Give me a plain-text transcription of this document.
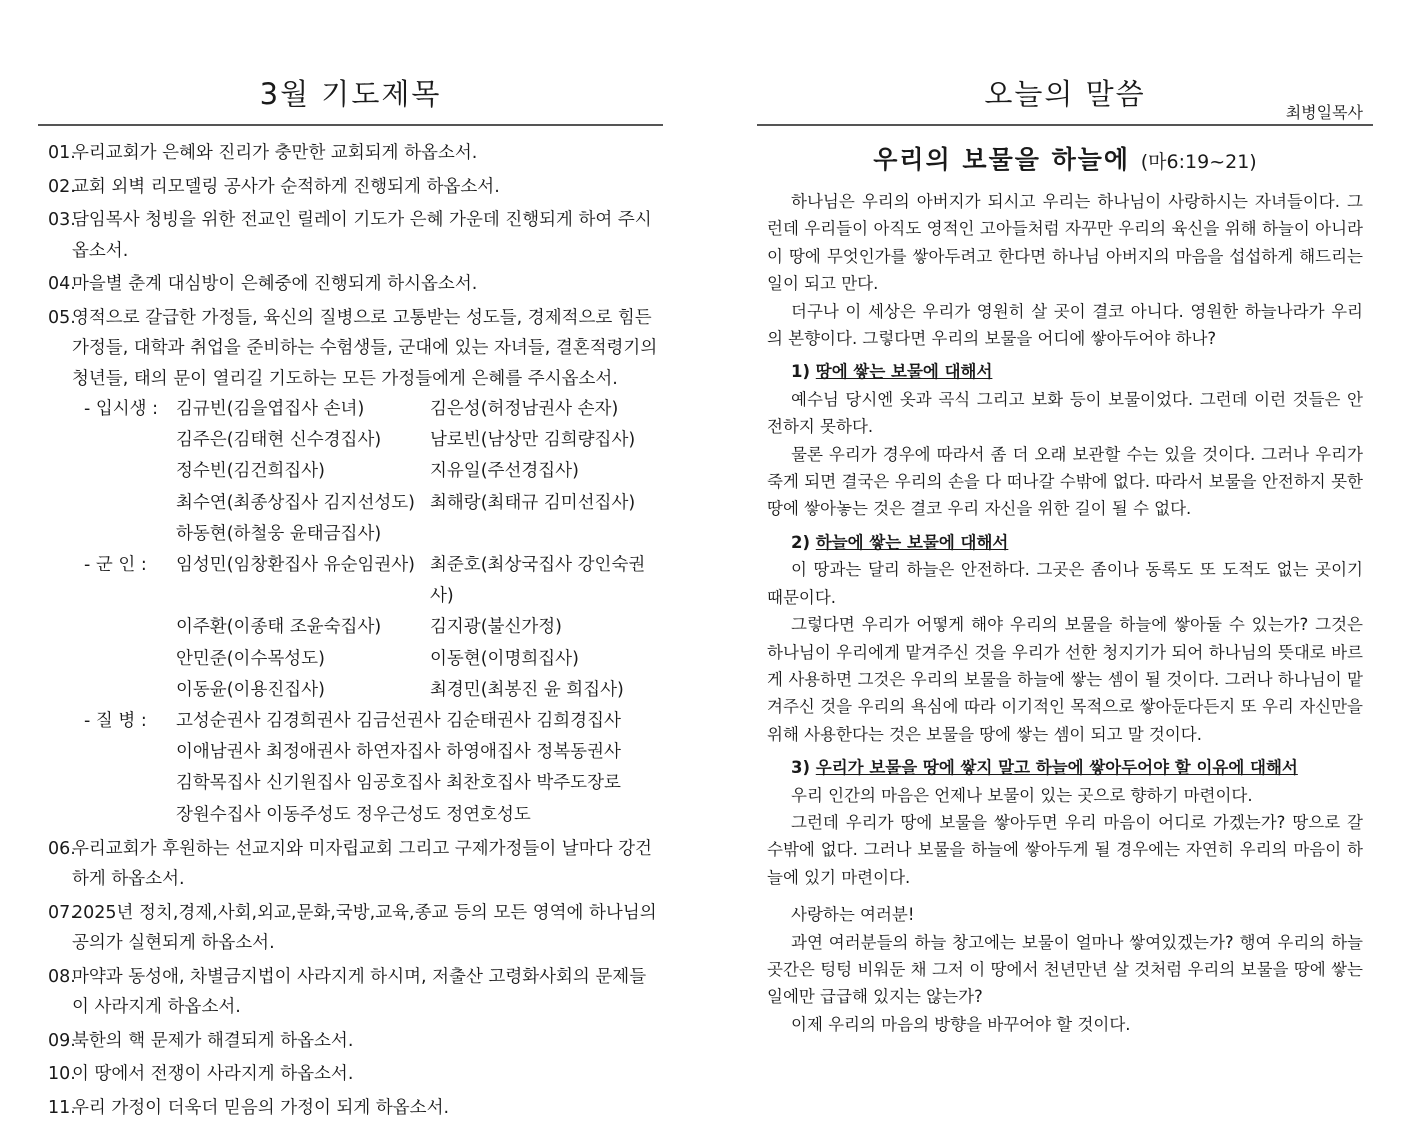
3월 기도제목
01.우리교회가 은혜와 진리가 충만한 교회되게 하옵소서.
02.교회 외벽 리모델링 공사가 순적하게 진행되게 하옵소서.
03.담임목사 청빙을 위한 전교인 릴레이 기도가 은혜 가운데 진행되게 하여 주시옵소서.
04.마을별 춘계 대심방이 은혜중에 진행되게 하시옵소서.
05.영적으로 갈급한 가정들, 육신의 질병으로 고통받는 성도들, 경제적으로 힘든 가정들, 대학과 취업을 준비하는 수험생들, 군대에 있는 자녀들, 결혼적령기의 청년들, 태의 문이 열리길 기도하는 모든 가정들에게 은혜를 주시옵소서.
- 입시생 :	김규빈(김을엽집사 손녀)	김은성(허정남권사 손자)
김주은(김태현 신수경집사)	남로빈(남상만 김희량집사)
정수빈(김건희집사)	지유일(주선경집사)
최수연(최종상집사 김지선성도) 최해랑(최태규 김미선집사)
하동현(하철웅 윤태금집사)
- 군 인 :	임성민(임창환집사 유순임권사) 최준호(최상국집사 강인숙권사)
이주환(이종태 조윤숙집사)	김지광(불신가정)
안민준(이수목성도)	이동현(이명희집사)
이동윤(이용진집사)	최경민(최봉진 윤 희집사)
- 질 병 :	고성순권사 김경희권사 김금선권사 김순태권사 김희경집사
이애남권사 최정애권사 하연자집사 하영애집사 정복동권사
김학목집사 신기원집사 임공호집사 최찬호집사 박주도장로
장원수집사 이동주성도 정우근성도 정연호성도
06.우리교회가 후원하는 선교지와 미자립교회 그리고 구제가정들이 날마다 강건하게 하옵소서.
07.2025년 정치,경제,사회,외교,문화,국방,교육,종교 등의 모든 영역에 하나님의 공의가 실현되게 하옵소서.
08.마약과 동성애, 차별금지법이 사라지게 하시며, 저출산 고령화사회의 문제들이 사라지게 하옵소서.
09.북한의 핵 문제가 해결되게 하옵소서.
10.이 땅에서 전쟁이 사라지게 하옵소서.
11.우리 가정이 더욱더 믿음의 가정이 되게 하옵소서.
오늘의 말씀
최병일목사
우리의 보물을 하늘에 (마6:19~21)

하나님은 우리의 아버지가 되시고 우리는 하나님이 사랑하시는 자녀들이다. 그런데 우리들이 아직도 영적인 고아들처럼 자꾸만 우리의 육신을 위해 하늘이 아니라 이 땅에 무엇인가를 쌓아두려고 한다면 하나님 아버지의 마음을 섭섭하게 해드리는 일이 되고 만다.

더구나 이 세상은 우리가 영원히 살 곳이 결코 아니다. 영원한 하늘나라가 우리의 본향이다. 그렇다면 우리의 보물을 어디에 쌓아두어야 하나?

1) 땅에 쌓는 보물에 대해서

예수님 당시엔 옷과 곡식 그리고 보화 등이 보물이었다. 그런데 이런 것들은 안전하지 못하다.

물론 우리가 경우에 따라서 좀 더 오래 보관할 수는 있을 것이다. 그러나 우리가 죽게 되면 결국은 우리의 손을 다 떠나갈 수밖에 없다. 따라서 보물을 안전하지 못한 땅에 쌓아놓는 것은 결코 우리 자신을 위한 길이 될 수 없다.

2) 하늘에 쌓는 보물에 대해서

이 땅과는 달리 하늘은 안전하다. 그곳은 좀이나 동록도 또 도적도 없는 곳이기 때문이다.

그렇다면 우리가 어떻게 해야 우리의 보물을 하늘에 쌓아둘 수 있는가? 그것은 하나님이 우리에게 맡겨주신 것을 우리가 선한 청지기가 되어 하나님의 뜻대로 바르게 사용하면 그것은 우리의 보물을 하늘에 쌓는 셈이 될 것이다. 그러나 하나님이 맡겨주신 것을 우리의 욕심에 따라 이기적인 목적으로 쌓아둔다든지 또 우리 자신만을 위해 사용한다는 것은 보물을 땅에 쌓는 셈이 되고 말 것이다.

3) 우리가 보물을 땅에 쌓지 말고 하늘에 쌓아두어야 할 이유에 대해서

우리 인간의 마음은 언제나 보물이 있는 곳으로 향하기 마련이다.

그런데 우리가 땅에 보물을 쌓아두면 우리 마음이 어디로 가겠는가? 땅으로 갈 수밖에 없다. 그러나 보물을 하늘에 쌓아두게 될 경우에는 자연히 우리의 마음이 하늘에 있기 마련이다.

사랑하는 여러분!

과연 여러분들의 하늘 창고에는 보물이 얼마나 쌓여있겠는가? 행여 우리의 하늘 곳간은 텅텅 비워둔 채 그저 이 땅에서 천년만년 살 것처럼 우리의 보물을 땅에 쌓는 일에만 급급해 있지는 않는가?

이제 우리의 마음의 방향을 바꾸어야 할 것이다.
